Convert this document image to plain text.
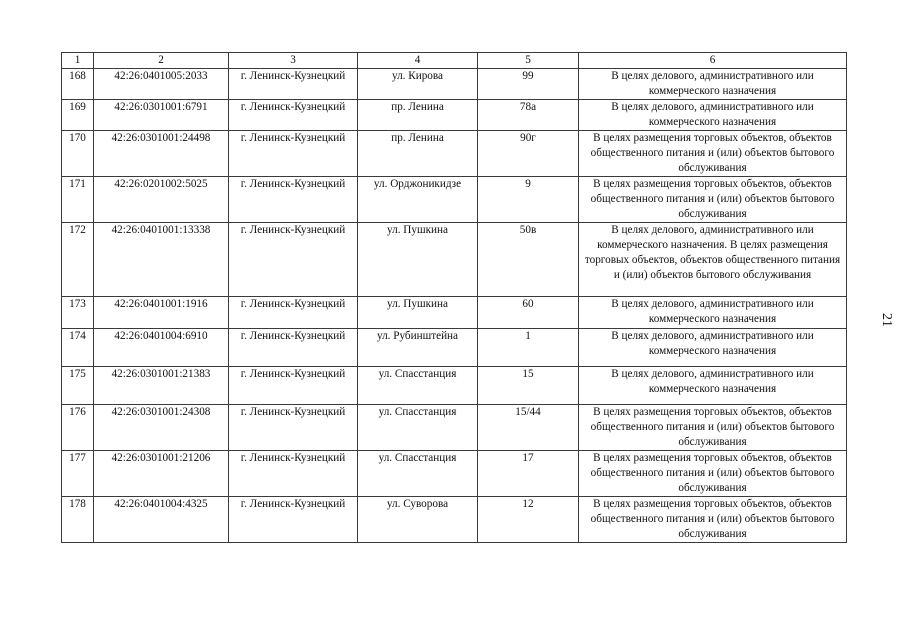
1	2	3	4	5	6
168	42:26:0401005:2033	г. Ленинск-Кузнецкий	ул. Кирова	99	В целях делового, административного или коммерческого назначения
169	42:26:0301001:6791	г. Ленинск-Кузнецкий	пр. Ленина	78а	В целях делового, административного или коммерческого назначения
170	42:26:0301001:24498	г. Ленинск-Кузнецкий	пр. Ленина	90г	В целях размещения торговых объектов, объектов общественного питания и (или) объектов бытового обслуживания
171	42:26:0201002:5025	г. Ленинск-Кузнецкий	ул. Орджоникидзе	9	В целях размещения торговых объектов, объектов общественного питания и (или) объектов бытового обслуживания
172	42:26:0401001:13338	г. Ленинск-Кузнецкий	ул. Пушкина	50в	В целях делового, административного или коммерческого назначения. В целях размещения торговых объектов, объектов общественного питания и (или) объектов бытового обслуживания
173	42:26:0401001:1916	г. Ленинск-Кузнецкий	ул. Пушкина	60	В целях делового, административного или коммерческого назначения
174	42:26:0401004:6910	г. Ленинск-Кузнецкий	ул. Рубинштейна	1	В целях делового, административного или коммерческого назначения
175	42:26:0301001:21383	г. Ленинск-Кузнецкий	ул. Спасстанция	15	В целях делового, административного или коммерческого назначения
176	42:26:0301001:24308	г. Ленинск-Кузнецкий	ул. Спасстанция	15/44	В целях размещения торговых объектов, объектов общественного питания и (или) объектов бытового обслуживания
177	42:26:0301001:21206	г. Ленинск-Кузнецкий	ул. Спасстанция	17	В целях размещения торговых объектов, объектов общественного питания и (или) объектов бытового обслуживания
178	42:26:0401004:4325	г. Ленинск-Кузнецкий	ул. Суворова	12	В целях размещения торговых объектов, объектов общественного питания и (или) объектов бытового обслуживания
21
